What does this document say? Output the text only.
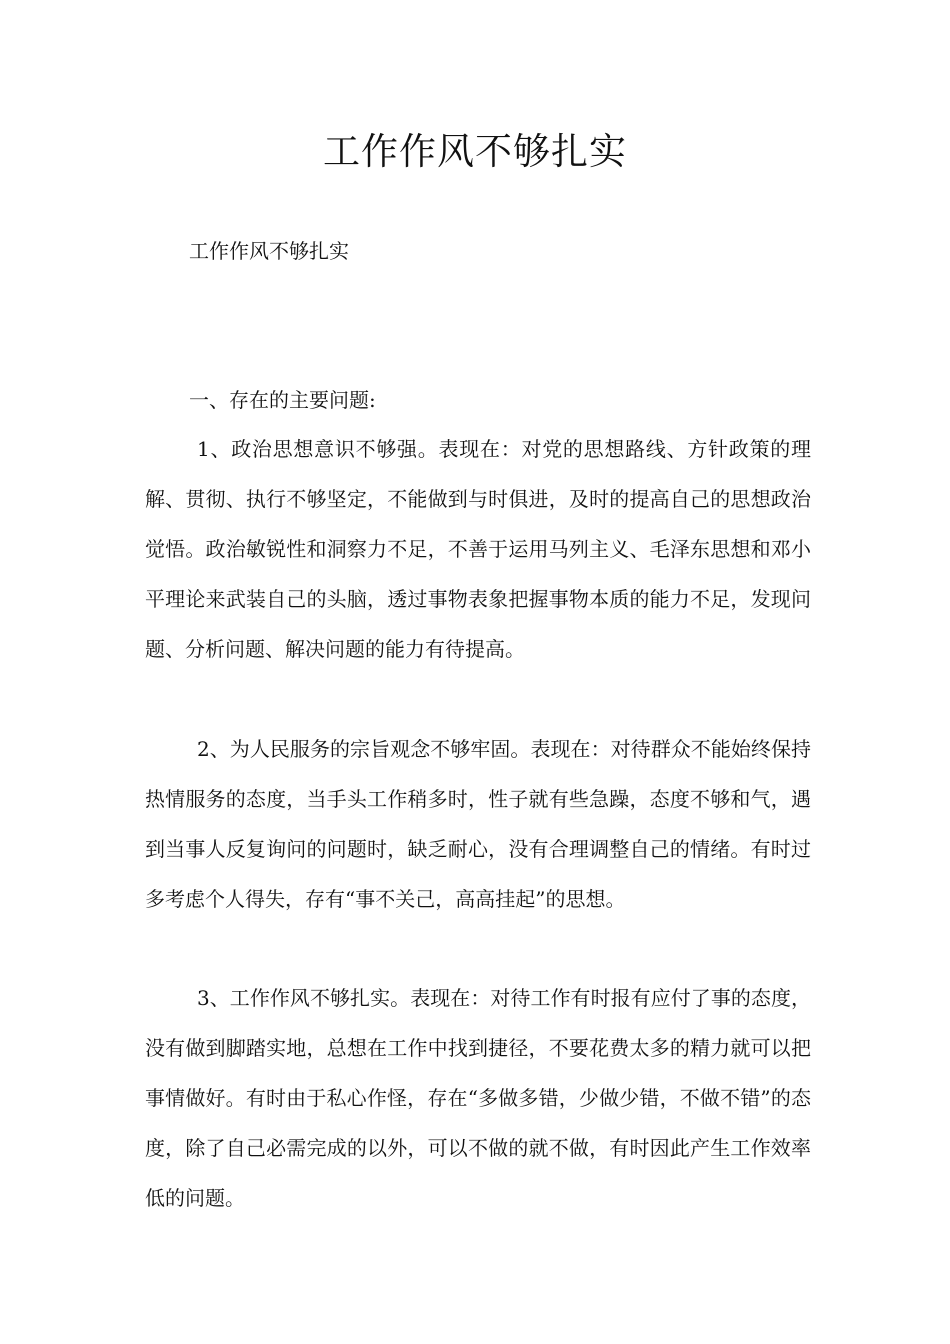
工作作风不够扎实
工作作风不够扎实
一、存在的主要问题:

1、政治思想意识不够强。表现在：对党的思想路线、方针政策的理解、贯彻、执行不够坚定，不能做到与时俱进，及时的提高自己的思想政治觉悟。政治敏锐性和洞察力不足，不善于运用马列主义、毛泽东思想和邓小平理论来武装自己的头脑，透过事物表象把握事物本质的能力不足，发现问题、分析问题、解决问题的能力有待提高。

2、为人民服务的宗旨观念不够牢固。表现在：对待群众不能始终保持热情服务的态度，当手头工作稍多时，性子就有些急躁，态度不够和气，遇到当事人反复询问的问题时，缺乏耐心，没有合理调整自己的情绪。有时过多考虑个人得失，存有“事不关己，高高挂起”的思想。

3、工作作风不够扎实。表现在：对待工作有时报有应付了事的态度，没有做到脚踏实地，总想在工作中找到捷径，不要花费太多的精力就可以把事情做好。有时由于私心作怪，存在“多做多错，少做少错，不做不错”的态度，除了自己必需完成的以外，可以不做的就不做，有时因此产生工作效率低的问题。
